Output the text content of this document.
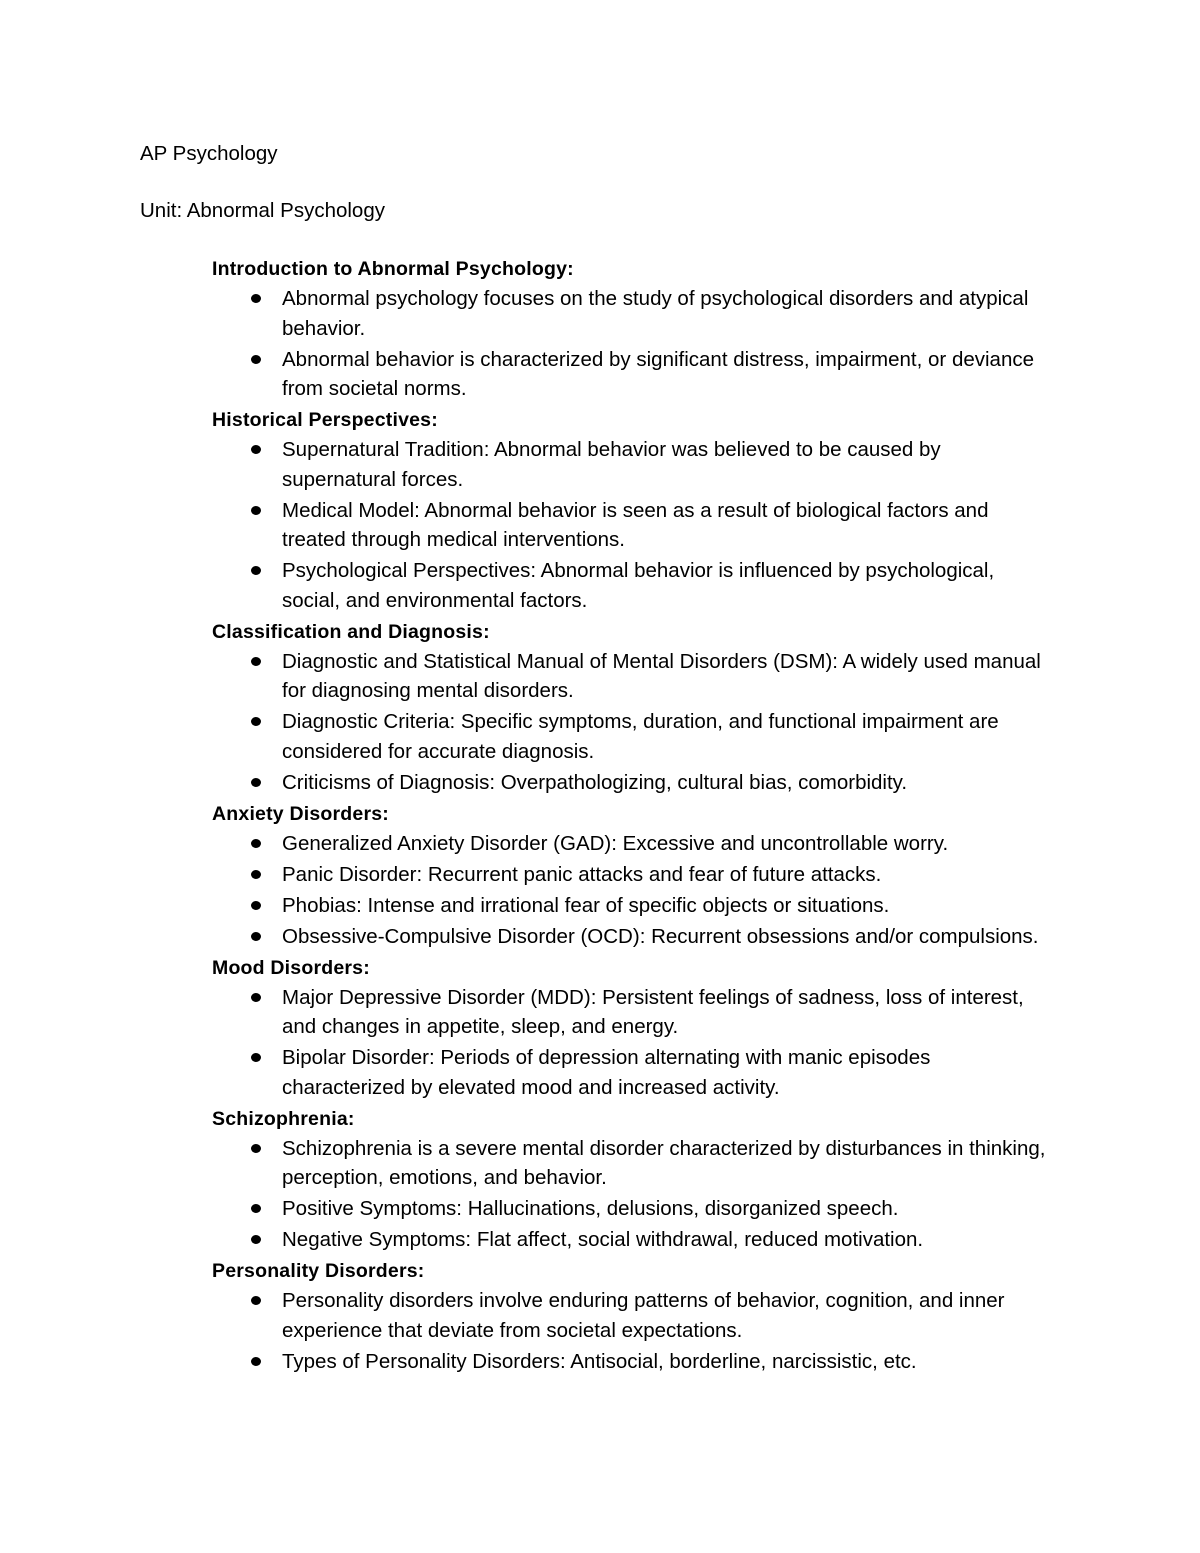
AP Psychology

Unit: Abnormal Psychology

Introduction to Abnormal Psychology:
Abnormal psychology focuses on the study of psychological disorders and atypical behavior.
Abnormal behavior is characterized by significant distress, impairment, or deviance from societal norms.
Historical Perspectives:
Supernatural Tradition: Abnormal behavior was believed to be caused by supernatural forces.
Medical Model: Abnormal behavior is seen as a result of biological factors and treated through medical interventions.
Psychological Perspectives: Abnormal behavior is influenced by psychological, social, and environmental factors.
Classification and Diagnosis:
Diagnostic and Statistical Manual of Mental Disorders (DSM): A widely used manual for diagnosing mental disorders.
Diagnostic Criteria: Specific symptoms, duration, and functional impairment are considered for accurate diagnosis.
Criticisms of Diagnosis: Overpathologizing, cultural bias, comorbidity.
Anxiety Disorders:
Generalized Anxiety Disorder (GAD): Excessive and uncontrollable worry.
Panic Disorder: Recurrent panic attacks and fear of future attacks.
Phobias: Intense and irrational fear of specific objects or situations.
Obsessive-Compulsive Disorder (OCD): Recurrent obsessions and/or compulsions.
Mood Disorders:
Major Depressive Disorder (MDD): Persistent feelings of sadness, loss of interest, and changes in appetite, sleep, and energy.
Bipolar Disorder: Periods of depression alternating with manic episodes characterized by elevated mood and increased activity.
Schizophrenia:
Schizophrenia is a severe mental disorder characterized by disturbances in thinking, perception, emotions, and behavior.
Positive Symptoms: Hallucinations, delusions, disorganized speech.
Negative Symptoms: Flat affect, social withdrawal, reduced motivation.
Personality Disorders:
Personality disorders involve enduring patterns of behavior, cognition, and inner experience that deviate from societal expectations.
Types of Personality Disorders: Antisocial, borderline, narcissistic, etc.
